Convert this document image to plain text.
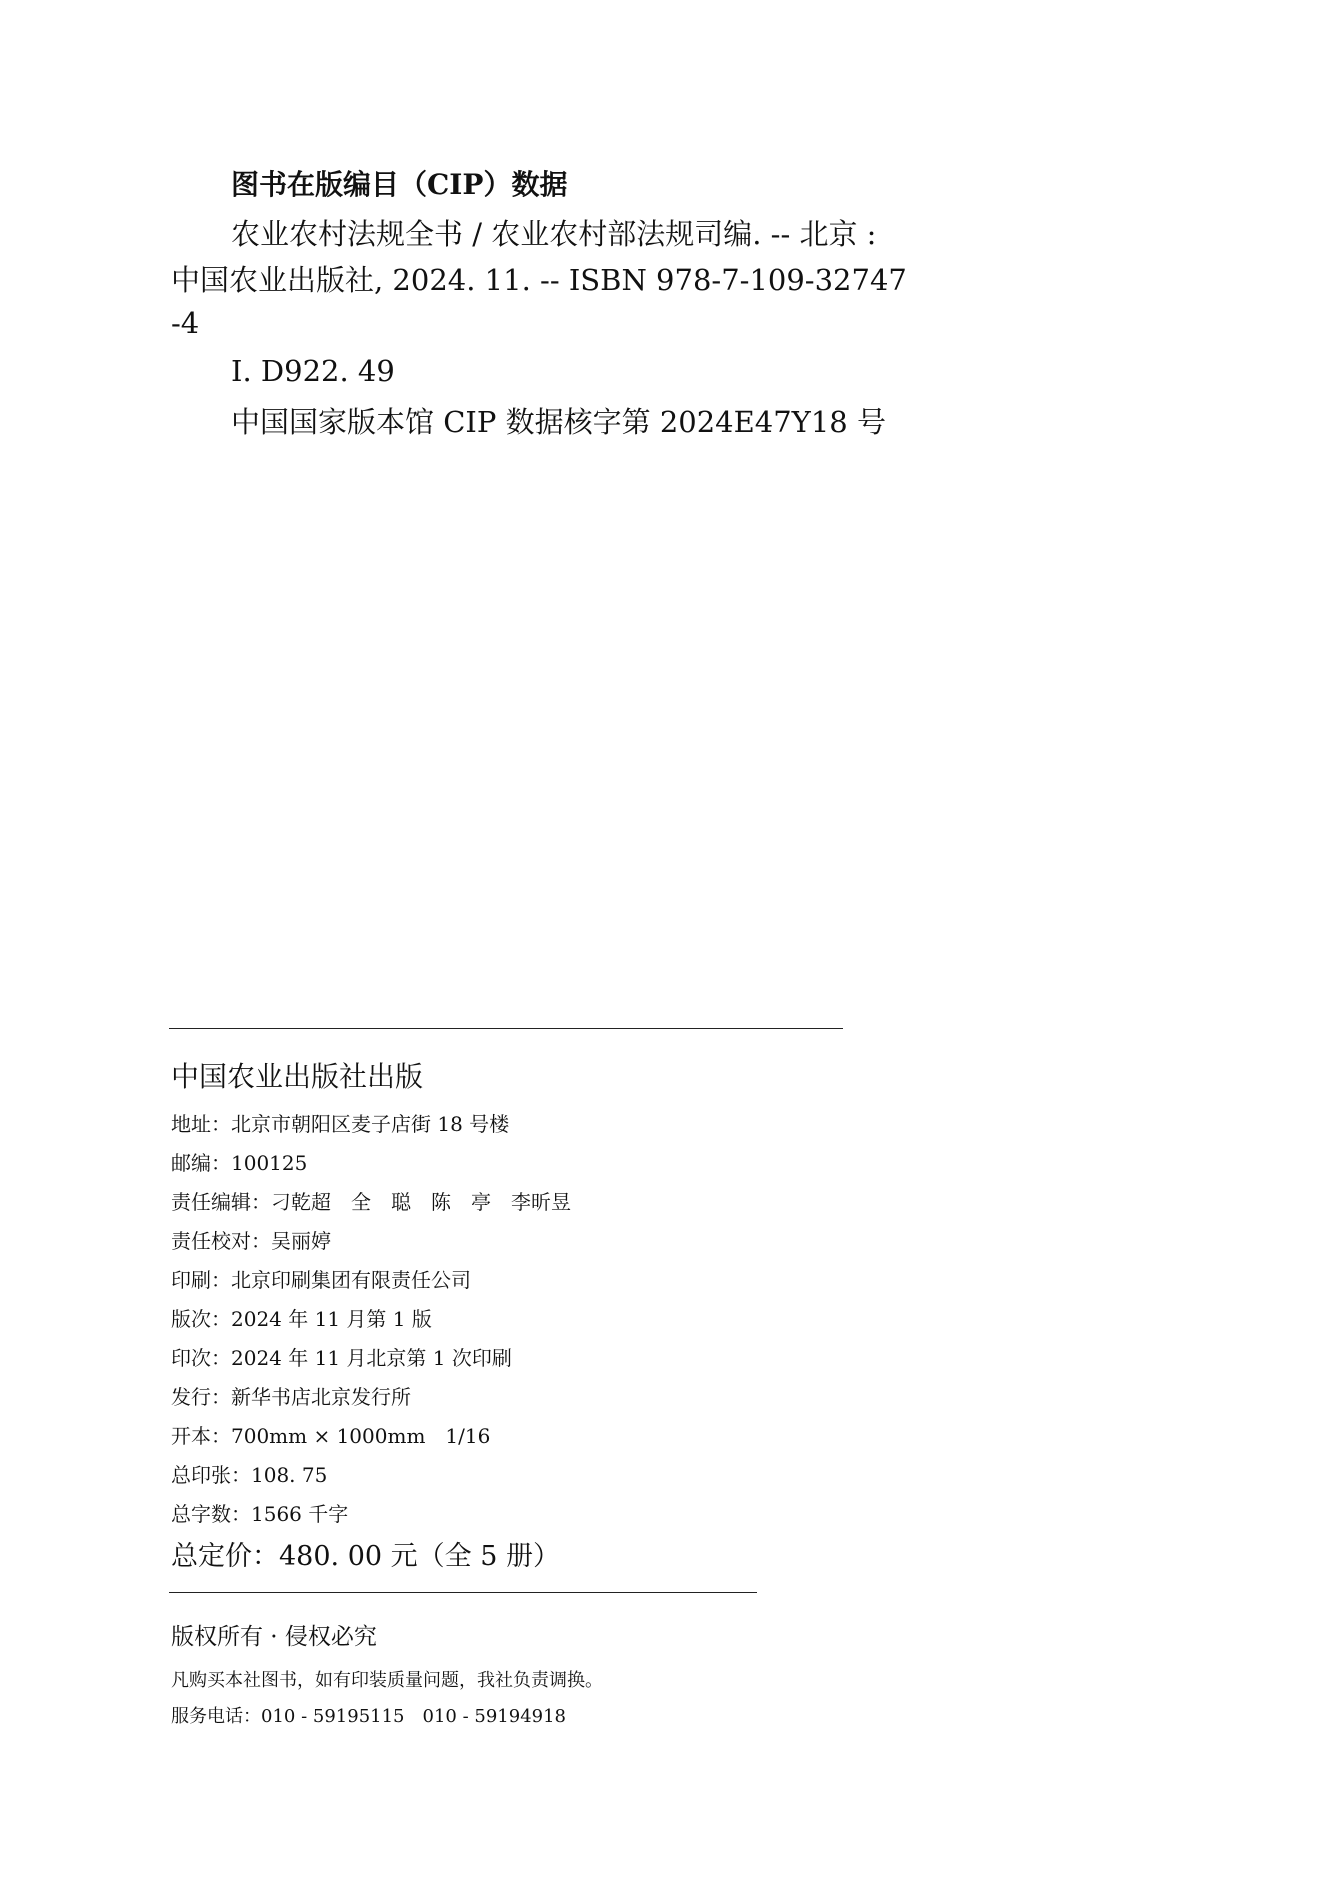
图书在版编目（CIP）数据
农业农村法规全书 / 农业农村部法规司编. -- 北京 :
中国农业出版社, 2024. 11. -- ISBN 978-7-109-32747
-4
Ⅰ. D922. 49
中国国家版本馆 CIP 数据核字第 2024E47Y18 号
中国农业出版社出版
地址：北京市朝阳区麦子店街 18 号楼
邮编：100125
责任编辑：刁乾超　全　聪　陈　亭　李昕昱
责任校对：吴丽婷
印刷：北京印刷集团有限责任公司
版次：2024 年 11 月第 1 版
印次：2024 年 11 月北京第 1 次印刷
发行：新华书店北京发行所
开本：700mm × 1000mm　1/16
总印张：108. 75
总字数：1566 千字
总定价：480. 00 元（全 5 册）
版权所有 · 侵权必究
凡购买本社图书，如有印装质量问题，我社负责调换。
服务电话：010 - 59195115　010 - 59194918
